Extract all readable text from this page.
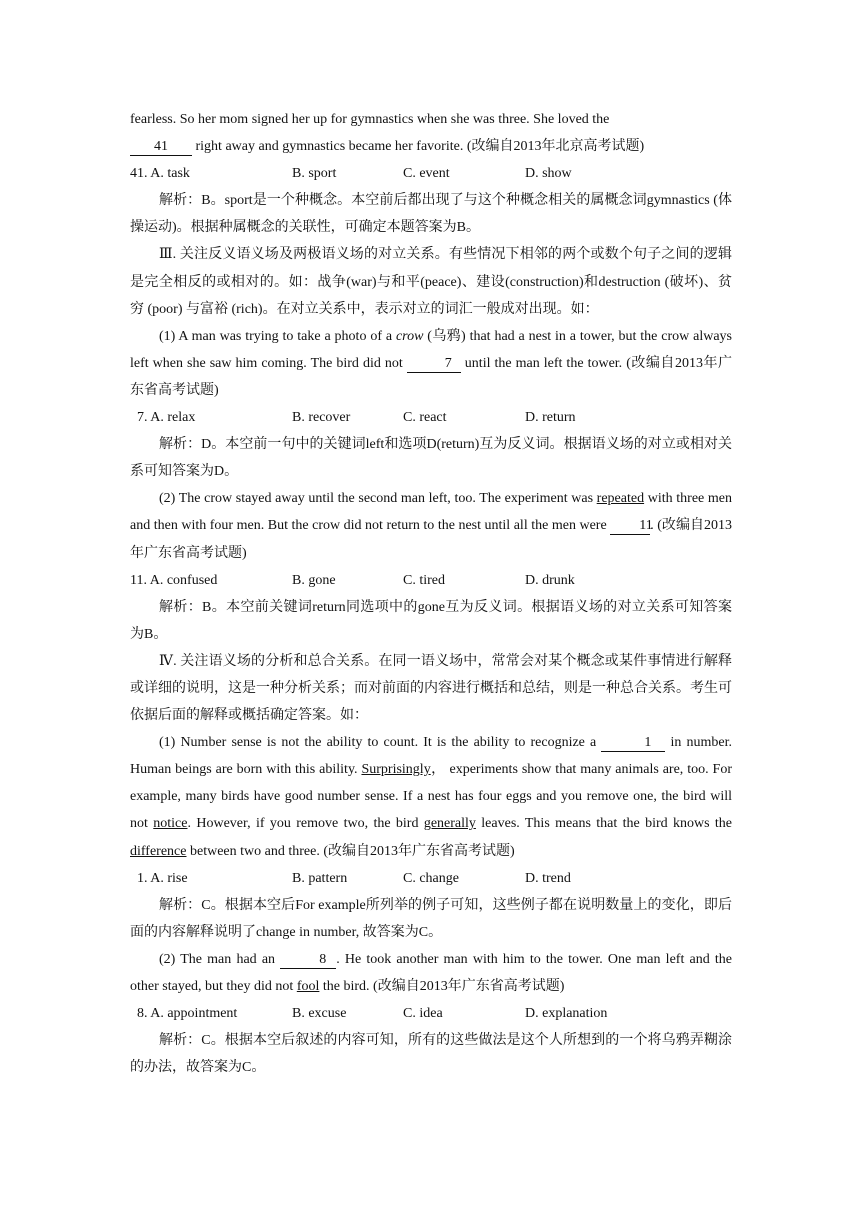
fearless. So her mom signed her up for gymnastics when she was three. She loved the

41 right away and gymnastics became her favorite. (改编自2013年北京高考试题)

41. A. task	B. sport	C. event	D. show

解析：B。sport是一个种概念。本空前后都出现了与这个种概念相关的属概念词gymnastics (体操运动)。根据种属概念的关联性，可确定本题答案为B。

Ⅲ. 关注反义语义场及两极语义场的对立关系。有些情况下相邻的两个或数个句子之间的逻辑是完全相反的或相对的。如：战争(war)与和平(peace)、建设(construction)和destruction (破坏)、贫穷 (poor) 与富裕 (rich)。在对立关系中，表示对立的词汇一般成对出现。如：

(1) A man was trying to take a photo of a crow (乌鸦) that had a nest in a tower, but the crow always left when she saw him coming. The bird did not	7 until the man left the tower. (改编自2013年广东省高考试题)

7. A. relax	B. recover	C. react	D. return

解析：D。本空前一句中的关键词left和选项D(return)互为反义词。根据语义场的对立或相对关系可知答案为D。

(2) The crow stayed away until the second man left, too. The experiment was repeated with three men and then with four men. But the crow did not return to the nest until all the men were 11. (改编自2013年广东省高考试题)

11. A. confused	B. gone	C. tired	D. drunk

解析：B。本空前关键词return同选项中的gone互为反义词。根据语义场的对立关系可知答案为B。

Ⅳ. 关注语义场的分析和总合关系。在同一语义场中，常常会对某个概念或某件事情进行解释或详细的说明，这是一种分析关系；而对前面的内容进行概括和总结，则是一种总合关系。考生可依据后面的解释或概括确定答案。如：

(1) Number sense is not the ability to count. It is the ability to recognize a	1 in number. Human beings are born with this ability. Surprisingly， experiments show that many animals are, too. For example, many birds have good number sense. If a nest has four eggs and you remove one, the bird will not notice. However, if you remove two, the bird generally leaves. This means that the bird knows the difference between two and three. (改编自2013年广东省高考试题)

1. A. rise	B. pattern	C. change	D. trend

解析：C。根据本空后For example所列举的例子可知，这些例子都在说明数量上的变化，即后面的内容解释说明了change in number, 故答案为C。

(2) The man had an	8 . He took another man with him to the tower. One man left and the other stayed, but they did not fool the bird. (改编自2013年广东省高考试题)

8. A. appointment	B. excuse	C. idea	D. explanation

解析：C。根据本空后叙述的内容可知，所有的这些做法是这个人所想到的一个将乌鸦弄糊涂的办法，故答案为C。
